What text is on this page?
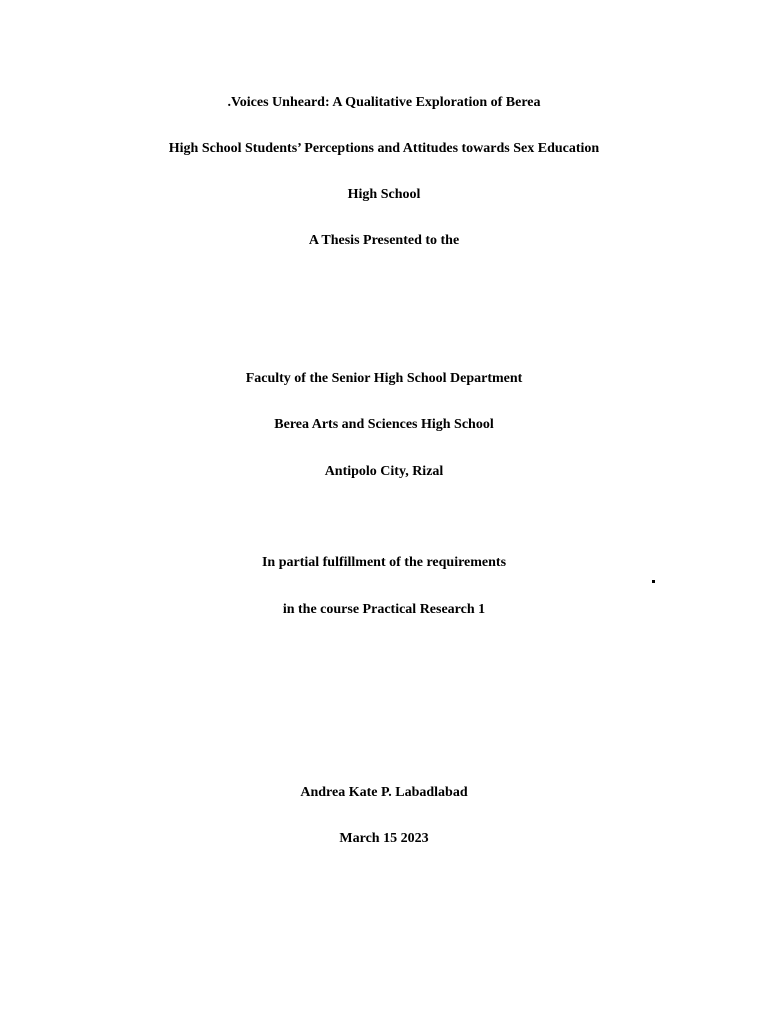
.Voices Unheard: A Qualitative Exploration of Berea
High School Students’ Perceptions and Attitudes towards Sex Education
High School
A Thesis Presented to the
Faculty of the Senior High School Department
Berea Arts and Sciences High School
Antipolo City, Rizal
In partial fulfillment of the requirements
in the course Practical Research 1
Andrea Kate P. Labadlabad
March 15 2023
